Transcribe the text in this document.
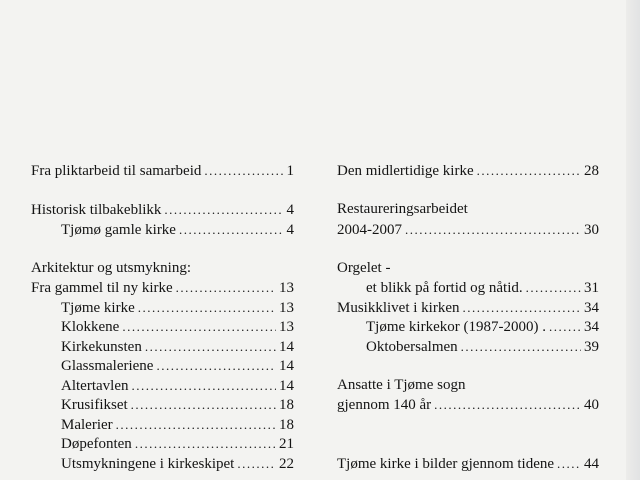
Fra pliktarbeid til samarbeid .....	1
Historisk tilbakeblikk .....	4
Tjømø gamle kirke .....	4
Arkitektur og utsmykning:
Fra gammel til ny kirke .....	13
Tjøme kirke .....	13
Klokkene .....	13
Kirkekunsten .....	14
Glassmaleriene .....	14
Altertavlen .....	14
Krusifikset .....	18
Malerier .....	18
Døpefonten .....	21
Utsmykningene i kirkeskipet .....	22
Den midlertidige kirke .....	28
Restaureringsarbeidet
2004-2007 .....	30
Orgelet -
et blikk på fortid og nåtid. .....	31
Musikklivet i kirken .....	34
Tjøme kirkekor (1987-2000) . .....	34
Oktobersalmen .....	39
Ansatte i Tjøme sogn
gjennom 140 år .....	40
Tjøme kirke i bilder gjennom tidene ..... 44
